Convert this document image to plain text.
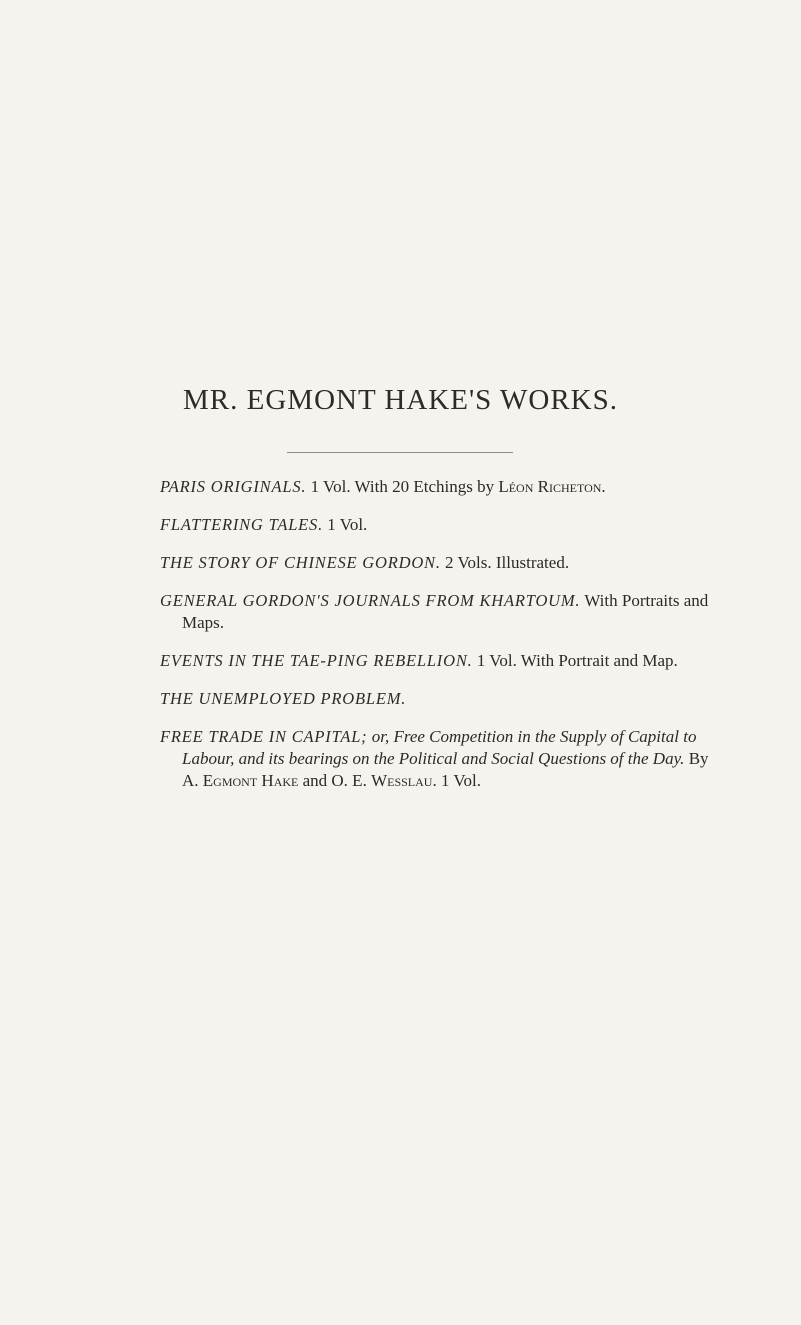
MR. EGMONT HAKE'S WORKS.

PARIS ORIGINALS. 1 Vol. With 20 Etchings by Léon Richeton.

FLATTERING TALES. 1 Vol.

THE STORY OF CHINESE GORDON. 2 Vols. Illustrated.

GENERAL GORDON'S JOURNALS FROM KHARTOUM. With Portraits and Maps.

EVENTS IN THE TAE-PING REBELLION. 1 Vol. With Portrait and Map.

THE UNEMPLOYED PROBLEM.

FREE TRADE IN CAPITAL; or, Free Competition in the Supply of Capital to Labour, and its bearings on the Political and Social Questions of the Day. By A. Egmont Hake and O. E. Wesslau. 1 Vol.
